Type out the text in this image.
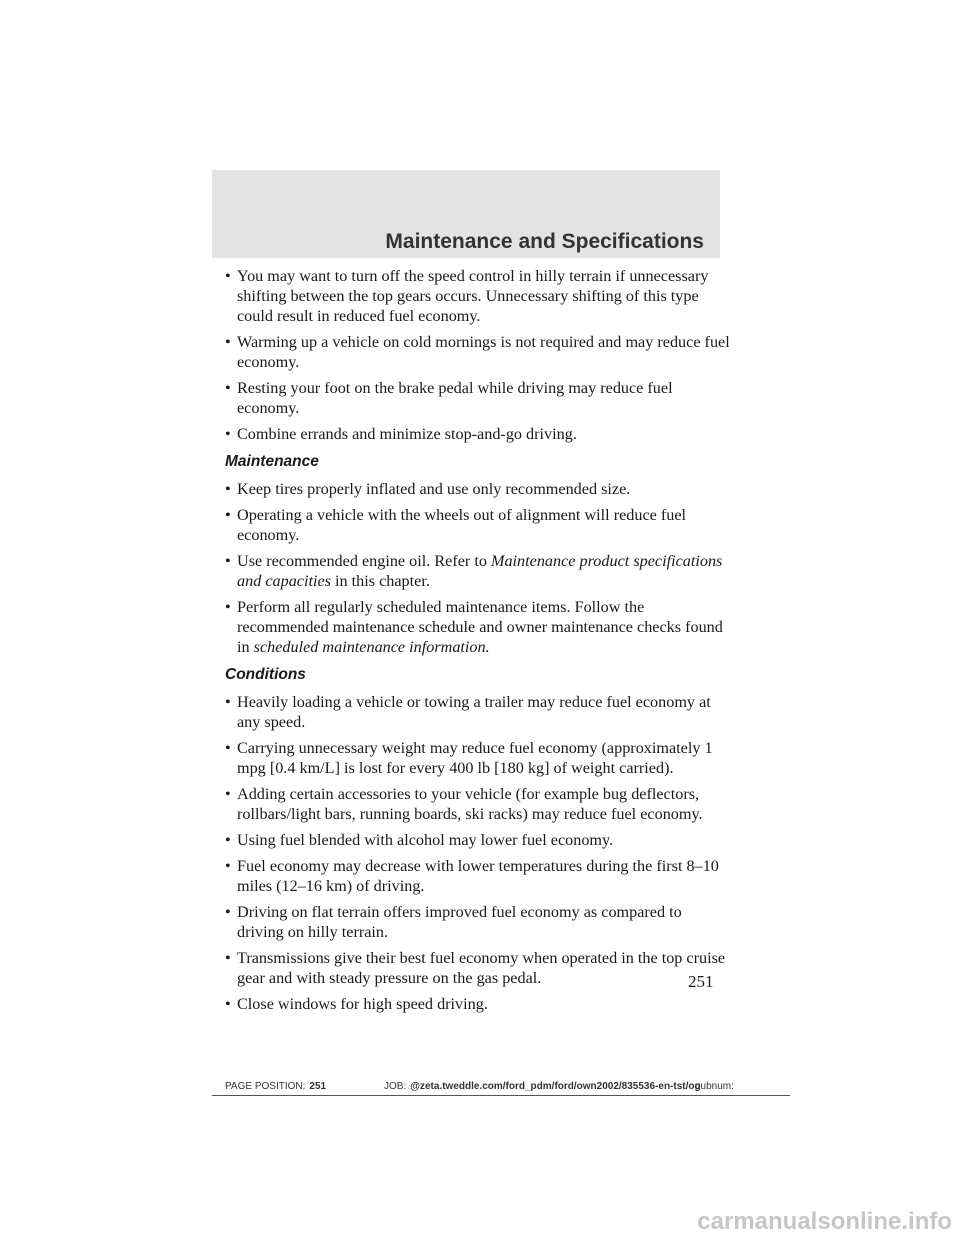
Maintenance and Specifications
• You may want to turn off the speed control in hilly terrain if unnecessary shifting between the top gears occurs. Unnecessary shifting of this type could result in reduced fuel economy.
• Warming up a vehicle on cold mornings is not required and may reduce fuel economy.
• Resting your foot on the brake pedal while driving may reduce fuel economy.
• Combine errands and minimize stop-and-go driving.
Maintenance
• Keep tires properly inflated and use only recommended size.
• Operating a vehicle with the wheels out of alignment will reduce fuel economy.
• Use recommended engine oil. Refer to Maintenance product specifications and capacities in this chapter.
• Perform all regularly scheduled maintenance items. Follow the recommended maintenance schedule and owner maintenance checks found in scheduled maintenance information.
Conditions
• Heavily loading a vehicle or towing a trailer may reduce fuel economy at any speed.
• Carrying unnecessary weight may reduce fuel economy (approximately 1 mpg [0.4 km/L] is lost for every 400 lb [180 kg] of weight carried).
• Adding certain accessories to your vehicle (for example bug deflectors, rollbars/light bars, running boards, ski racks) may reduce fuel economy.
• Using fuel blended with alcohol may lower fuel economy.
• Fuel economy may decrease with lower temperatures during the first 8–10 miles (12–16 km) of driving.
• Driving on flat terrain offers improved fuel economy as compared to driving on hilly terrain.
• Transmissions give their best fuel economy when operated in the top cruise gear and with steady pressure on the gas pedal.
• Close windows for high speed driving.
251
PAGE POSITION: 251	JOB: @zeta.tweddle.com/ford_pdm/ford/own2002/835536-en-tst/og
pubnum:
carmanualsonline.info
